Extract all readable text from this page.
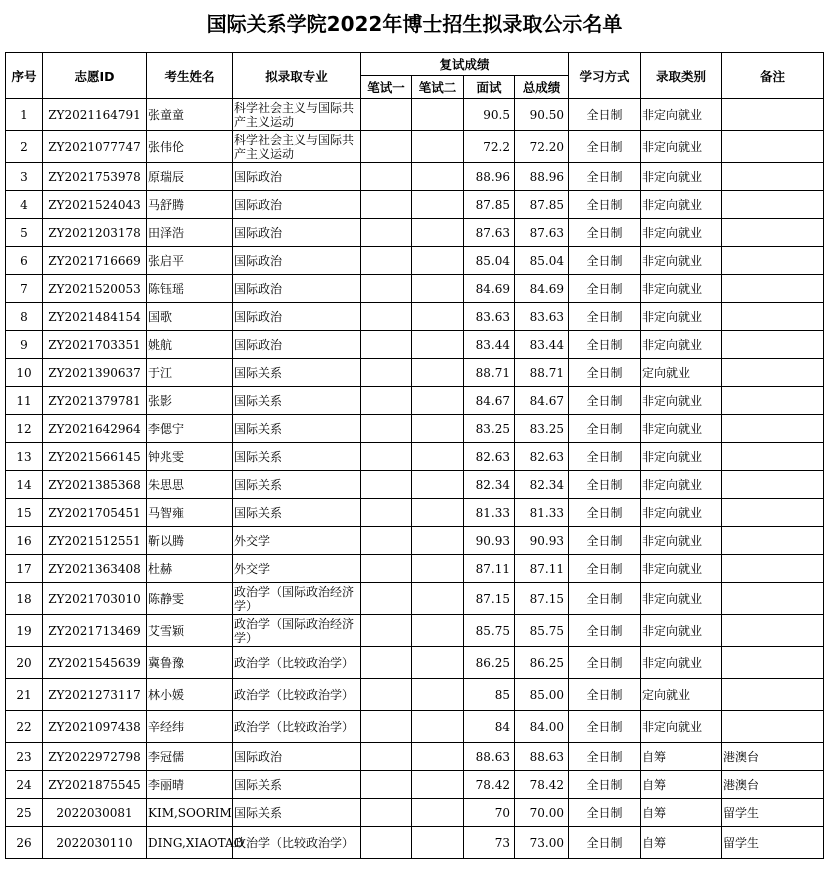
国际关系学院2022年博士招生拟录取公示名单
序号	志愿ID	考生姓名	拟录取专业	复试成绩				学习方式	录取类别	备注
				笔试一	笔试二	面试	总成绩			
1	ZY2021164791	张童童	科学社会主义与国际共产主义运动			90.5	90.50	全日制	非定向就业	
2	ZY2021077747	张伟伦	科学社会主义与国际共产主义运动			72.2	72.20	全日制	非定向就业	
3	ZY2021753978	原瑞辰	国际政治			88.96	88.96	全日制	非定向就业	
4	ZY2021524043	马舒腾	国际政治			87.85	87.85	全日制	非定向就业	
5	ZY2021203178	田泽浩	国际政治			87.63	87.63	全日制	非定向就业	
6	ZY2021716669	张启平	国际政治			85.04	85.04	全日制	非定向就业	
7	ZY2021520053	陈钰瑶	国际政治			84.69	84.69	全日制	非定向就业	
8	ZY2021484154	国歌	国际政治			83.63	83.63	全日制	非定向就业	
9	ZY2021703351	姚航	国际政治			83.44	83.44	全日制	非定向就业	
10	ZY2021390637	于江	国际关系			88.71	88.71	全日制	定向就业	
11	ZY2021379781	张影	国际关系			84.67	84.67	全日制	非定向就业	
12	ZY2021642964	李偲宁	国际关系			83.25	83.25	全日制	非定向就业	
13	ZY2021566145	钟兆雯	国际关系			82.63	82.63	全日制	非定向就业	
14	ZY2021385368	朱思思	国际关系			82.34	82.34	全日制	非定向就业	
15	ZY2021705451	马智雍	国际关系			81.33	81.33	全日制	非定向就业	
16	ZY2021512551	靳以腾	外交学			90.93	90.93	全日制	非定向就业	
17	ZY2021363408	杜赫	外交学			87.11	87.11	全日制	非定向就业	
18	ZY2021703010	陈静雯	政治学（国际政治经济学）			87.15	87.15	全日制	非定向就业	
19	ZY2021713469	艾雪颖	政治学（国际政治经济学）			85.75	85.75	全日制	非定向就业	
20	ZY2021545639	冀鲁豫	政治学（比较政治学）			86.25	86.25	全日制	非定向就业	
21	ZY2021273117	林小媛	政治学（比较政治学）			85	85.00	全日制	定向就业	
22	ZY2021097438	辛经纬	政治学（比较政治学）			84	84.00	全日制	非定向就业	
23	ZY2022972798	李冠儒	国际政治			88.63	88.63	全日制	自筹	港澳台
24	ZY2021875545	李丽晴	国际关系			78.42	78.42	全日制	自筹	港澳台
25	2022030081	KIM,SOORIM	国际关系			70	70.00	全日制	自筹	留学生
26	2022030110	DING,XIAOTAO	政治学（比较政治学）			73	73.00	全日制	自筹	留学生
